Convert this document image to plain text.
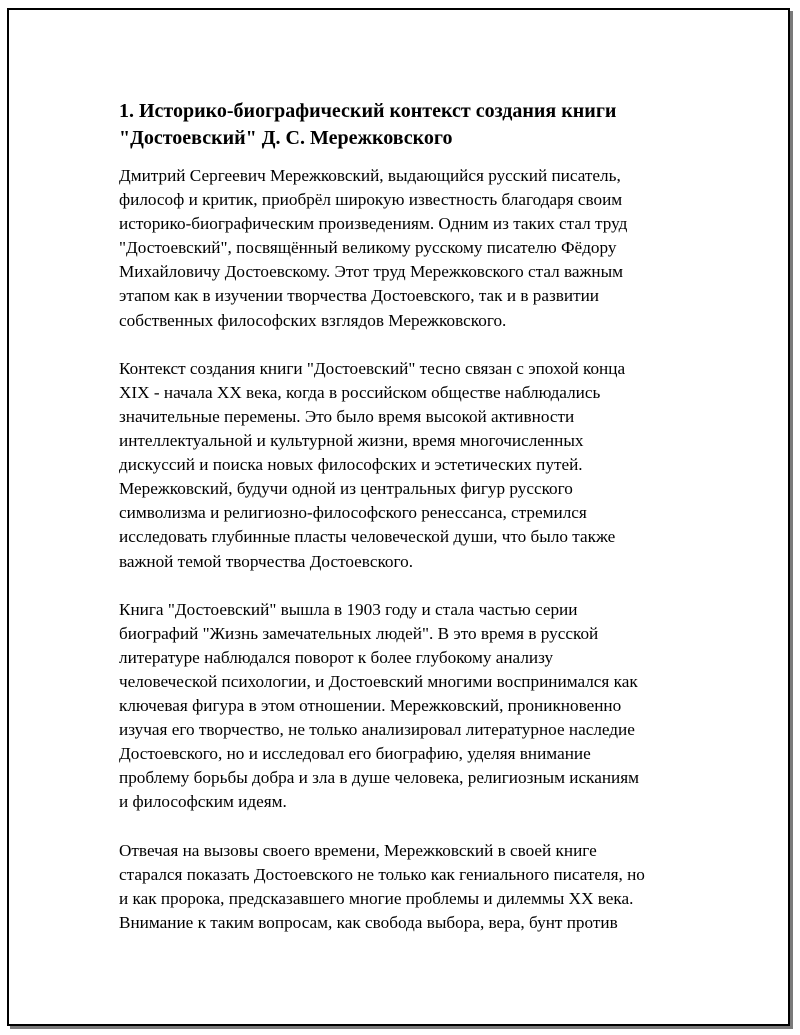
1. Историко-биографический контекст создания книги
"Достоевский" Д. С. Мережковского

Дмитрий Сергеевич Мережковский, выдающийся русский писатель,
философ и критик, приобрёл широкую известность благодаря своим
историко-биографическим произведениям. Одним из таких стал труд
"Достоевский", посвящённый великому русскому писателю Фёдору
Михайловичу Достоевскому. Этот труд Мережковского стал важным
этапом как в изучении творчества Достоевского, так и в развитии
собственных философских взглядов Мережковского.

Контекст создания книги "Достоевский" тесно связан с эпохой конца
XIX - начала XX века, когда в российском обществе наблюдались
значительные перемены. Это было время высокой активности
интеллектуальной и культурной жизни, время многочисленных
дискуссий и поиска новых философских и эстетических путей.
Мережковский, будучи одной из центральных фигур русского
символизма и религиозно-философского ренессанса, стремился
исследовать глубинные пласты человеческой души, что было также
важной темой творчества Достоевского.

Книга "Достоевский" вышла в 1903 году и стала частью серии
биографий "Жизнь замечательных людей". В это время в русской
литературе наблюдался поворот к более глубокому анализу
человеческой психологии, и Достоевский многими воспринимался как
ключевая фигура в этом отношении. Мережковский, проникновенно
изучая его творчество, не только анализировал литературное наследие
Достоевского, но и исследовал его биографию, уделяя внимание
проблему борьбы добра и зла в душе человека, религиозным исканиям
и философским идеям.

Отвечая на вызовы своего времени, Мережковский в своей книге
старался показать Достоевского не только как гениального писателя, но
и как пророка, предсказавшего многие проблемы и дилеммы XX века.
Внимание к таким вопросам, как свобода выбора, вера, бунт против
